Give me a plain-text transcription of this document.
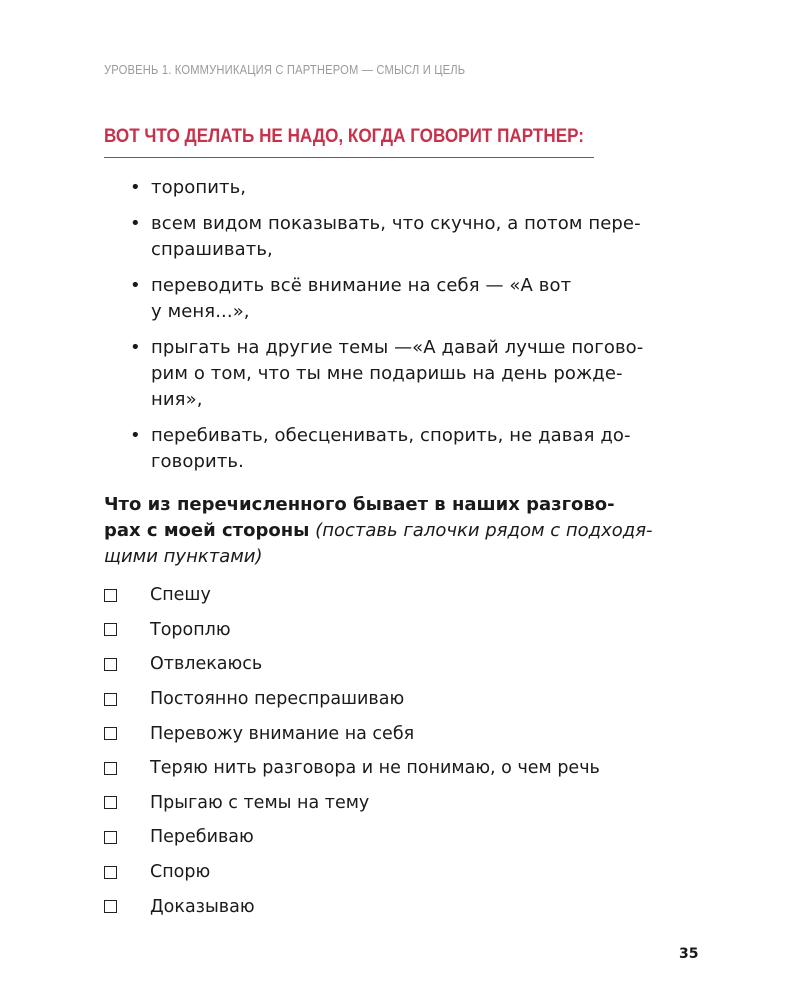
УРОВЕНЬ 1. КОММУНИКАЦИЯ С ПАРТНЕРОМ — СМЫСЛ И ЦЕЛЬ
ВОТ ЧТО ДЕЛАТЬ НЕ НАДО, КОГДА ГОВОРИТ ПАРТНЕР:
• торопить,
• всем видом показывать, что скучно, а потом пере-
спрашивать,
• переводить всё внимание на себя — «А вот
у меня...»,
• прыгать на другие темы —«А давай лучше погово-
рим о том, что ты мне подаришь на день рожде-
ния»,
• перебивать, обесценивать, спорить, не давая до-
говорить.

Что из перечисленного бывает в наших разгово-
рах с моей стороны (поставь галочки рядом с подходя-
щими пунктами)

Спешу
Тороплю
Отвлекаюсь
Постоянно переспрашиваю
Перевожу внимание на себя
Теряю нить разговора и не понимаю, о чем речь
Прыгаю с темы на тему
Перебиваю
Спорю
Доказываю
35
